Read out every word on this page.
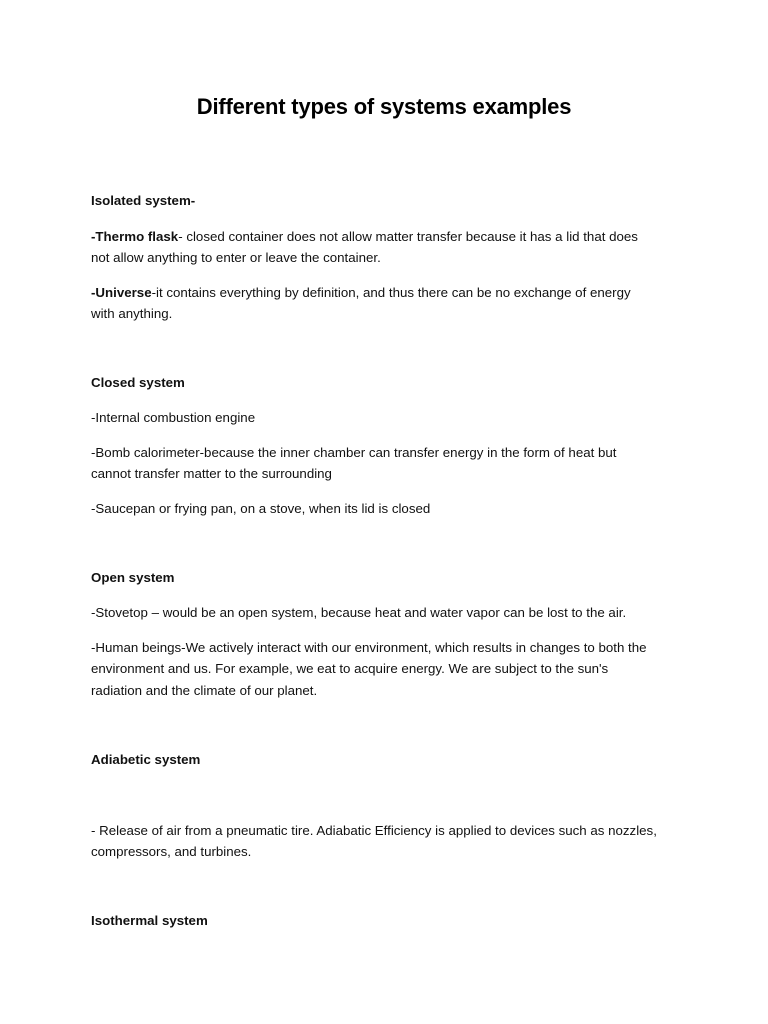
Different types of systems examples
Isolated system-
-Thermo flask- closed container does not allow matter transfer because it has a lid that does
not allow anything to enter or leave the container.
-Universe-it contains everything by definition, and thus there can be no exchange of energy
with anything.
Closed system
-Internal combustion engine
-Bomb calorimeter-because the inner chamber can transfer energy in the form of heat but
cannot transfer matter to the surrounding
-Saucepan or frying pan, on a stove, when its lid is closed
Open system
-Stovetop – would be an open system, because heat and water vapor can be lost to the air.
-Human beings-We actively interact with our environment, which results in changes to both the
environment and us. For example, we eat to acquire energy. We are subject to the sun's
radiation and the climate of our planet.
Adiabetic system
- Release of air from a pneumatic tire. Adiabatic Efficiency is applied to devices such as nozzles,
compressors, and turbines.
Isothermal system
